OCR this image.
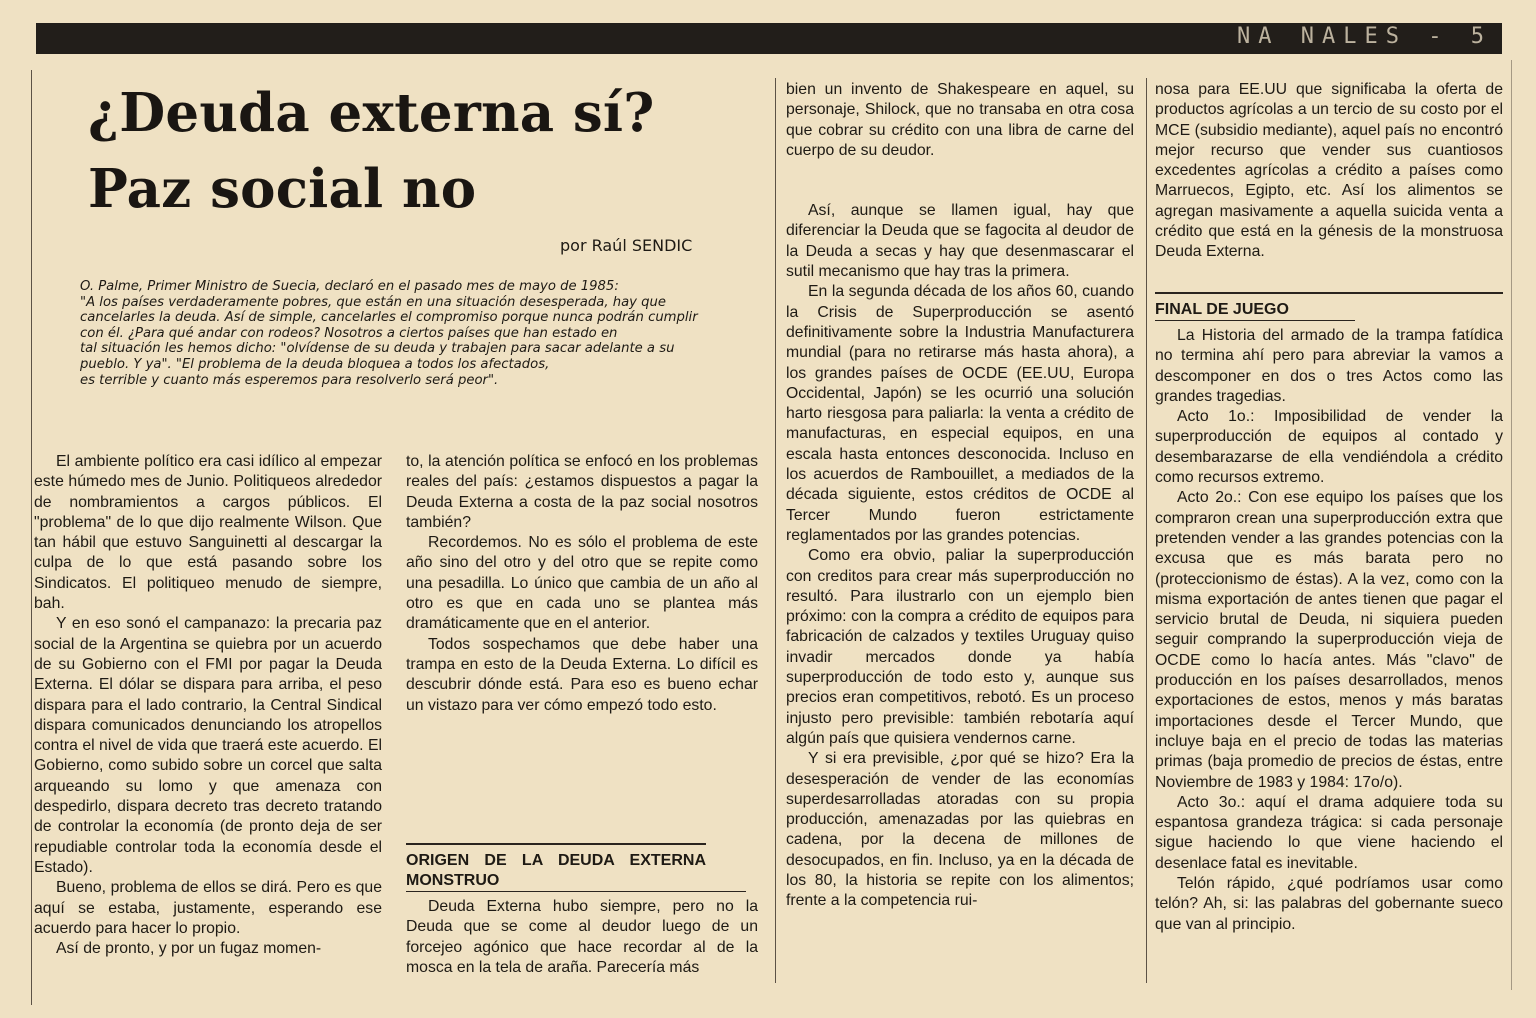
NA NALES - 5
¿Deuda externa sí?
Paz social no

por Raúl SENDIC

O. Palme, Primer Ministro de Suecia, declaró en el pasado mes de mayo de 1985:

"A los países verdaderamente pobres, que están en una situación desesperada, hay que

cancelarles la deuda. Así de simple, cancelarles el compromiso porque nunca podrán cumplir

con él. ¿Para qué andar con rodeos? Nosotros a ciertos países que han estado en

tal situación les hemos dicho: "olvídense de su deuda y trabajen para sacar adelante a su

pueblo. Y ya". "El problema de la deuda bloquea a todos los afectados,

es terrible y cuanto más esperemos para resolverlo será peor".

El ambiente político era casi idílico al empezar este húmedo mes de Junio. Politiqueos alrededor de nombramientos a cargos públicos. El "problema" de lo que dijo realmente Wilson. Que tan hábil que estuvo Sanguinetti al descargar la culpa de lo que está pasando sobre los Sindicatos. El politiqueo menudo de siempre, bah.

Y en eso sonó el campanazo: la precaria paz social de la Argentina se quiebra por un acuerdo de su Gobierno con el FMI por pagar la Deuda Externa. El dólar se dispara para arriba, el peso dispara para el lado contrario, la Central Sindical dispara comunicados denunciando los atropellos contra el nivel de vida que traerá este acuerdo. El Gobierno, como subido sobre un corcel que salta arqueando su lomo y que amenaza con despedirlo, dispara decreto tras decreto tratando de controlar la economía (de pronto deja de ser repudiable controlar toda la economía desde el Estado).

Bueno, problema de ellos se dirá. Pero es que aquí se estaba, justamente, esperando ese acuerdo para hacer lo propio.

Así de pronto, y por un fugaz momen-

to, la atención política se enfocó en los problemas reales del país: ¿estamos dispuestos a pagar la Deuda Externa a costa de la paz social nosotros también?

Recordemos. No es sólo el problema de este año sino del otro y del otro que se repite como una pesadilla. Lo único que cambia de un año al otro es que en cada uno se plantea más dramáticamente que en el anterior.

Todos sospechamos que debe haber una trampa en esto de la Deuda Externa. Lo difícil es descubrir dónde está. Para eso es bueno echar un vistazo para ver cómo empezó todo esto.

ORIGEN DE LA DEUDA EXTERNA MONSTRUO

Deuda Externa hubo siempre, pero no la Deuda que se come al deudor luego de un forcejeo agónico que hace recordar al de la mosca en la tela de araña. Parecería más

bien un invento de Shakespeare en aquel, su personaje, Shilock, que no transaba en otra cosa que cobrar su crédito con una libra de carne del cuerpo de su deudor.

Así, aunque se llamen igual, hay que diferenciar la Deuda que se fagocita al deudor de la Deuda a secas y hay que desenmascarar el sutil mecanismo que hay tras la primera.

En la segunda década de los años 60, cuando la Crisis de Superproducción se asentó definitivamente sobre la Industria Manufacturera mundial (para no retirarse más hasta ahora), a los grandes países de OCDE (EE.UU, Europa Occidental, Japón) se les ocurrió una solución harto riesgosa para paliarla: la venta a crédito de manufacturas, en especial equipos, en una escala hasta entonces desconocida. Incluso en los acuerdos de Rambouillet, a mediados de la década siguiente, estos créditos de OCDE al Tercer Mundo fueron estrictamente reglamentados por las grandes potencias.

Como era obvio, paliar la superproducción con creditos para crear más superproducción no resultó. Para ilustrarlo con un ejemplo bien próximo: con la compra a crédito de equipos para fabricación de calzados y textiles Uruguay quiso invadir mercados donde ya había superproducción de todo esto y, aunque sus precios eran competitivos, rebotó. Es un proceso injusto pero previsible: también rebotaría aquí algún país que quisiera vendernos carne.

Y si era previsible, ¿por qué se hizo? Era la desesperación de vender de las economías superdesarrolladas atoradas con su propia producción, amenazadas por las quiebras en cadena, por la decena de millones de desocupados, en fin. Incluso, ya en la década de los 80, la historia se repite con los alimentos; frente a la competencia rui-

nosa para EE.UU que significaba la oferta de productos agrícolas a un tercio de su costo por el MCE (subsidio mediante), aquel país no encontró mejor recurso que vender sus cuantiosos excedentes agrícolas a crédito a países como Marruecos, Egipto, etc. Así los alimentos se agregan masivamente a aquella suicida venta a crédito que está en la génesis de la monstruosa Deuda Externa.

FINAL DE JUEGO

La Historia del armado de la trampa fatídica no termina ahí pero para abreviar la vamos a descomponer en dos o tres Actos como las grandes tragedias.

Acto 1o.: Imposibilidad de vender la superproducción de equipos al contado y desembarazarse de ella vendiéndola a crédito como recursos extremo.

Acto 2o.: Con ese equipo los países que los compraron crean una superproducción extra que pretenden vender a las grandes potencias con la excusa que es más barata pero no (proteccionismo de éstas). A la vez, como con la misma exportación de antes tienen que pagar el servicio brutal de Deuda, ni siquiera pueden seguir comprando la superproducción vieja de OCDE como lo hacía antes. Más "clavo" de producción en los países desarrollados, menos exportaciones de estos, menos y más baratas importaciones desde el Tercer Mundo, que incluye baja en el precio de todas las materias primas (baja promedio de precios de éstas, entre Noviembre de 1983 y 1984: 17o/o).

Acto 3o.: aquí el drama adquiere toda su espantosa grandeza trágica: si cada personaje sigue haciendo lo que viene haciendo el desenlace fatal es inevitable.

Telón rápido, ¿qué podríamos usar como telón? Ah, si: las palabras del gobernante sueco que van al principio.
